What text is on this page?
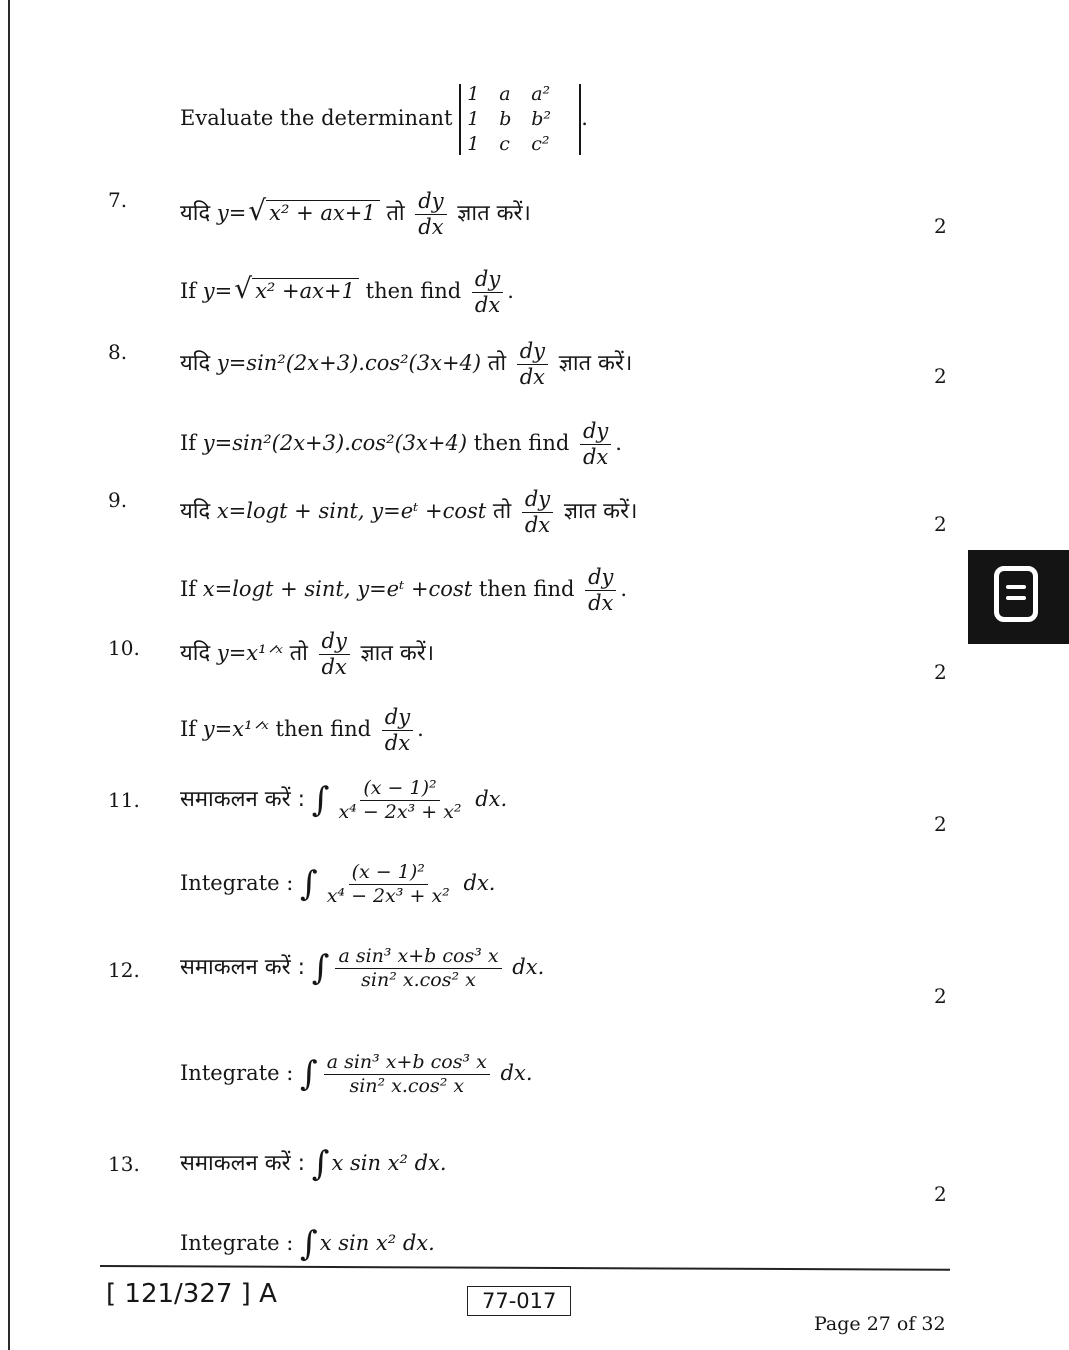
Evaluate the determinant
1	a	a²
1	b	b²
1	c	c²
.
7.
2
यदि y=√ x² + ax+1 तो $\frac{dy}{dx}$ ज्ञात करें।
If y=√ x² +ax+1 then find $\frac{dy}{dx}$ .
8.
2
यदि y=sin²(2x+3).cos²(3x+4) तो $\frac{dy}{dx}$ ज्ञात करें।
If y=sin²(2x+3).cos²(3x+4) then find $\frac{dy}{dx}$ .
9.
2
यदि x=logt + sint, y=eᵗ +cost तो $\frac{dy}{dx}$ ज्ञात करें।
If x=logt + sint, y=eᵗ +cost then find $\frac{dy}{dx}$ .
10.
2
यदि y=x¹ᐟˣ तो $\frac{dy}{dx}$ ज्ञात करें।
If y=x¹ᐟˣ then find $\frac{dy}{dx}$ .
11.
2
समाकलन करें : ∫ $\frac{\text{(x − 1)²}}{\text{x⁴ − 2x³ + x²}}$ dx.
Integrate : ∫ $\frac{\text{(x − 1)²}}{\text{x⁴ − 2x³ + x²}}$ dx.
12.
2
समाकलन करें : ∫ $\frac{\text{a sin³ x+b cos³ x}}{\text{sin² x.cos² x}}$ dx.
Integrate : ∫ $\frac{\text{a sin³ x+b cos³ x}}{\text{sin² x.cos² x}}$ dx.
13.
2
समाकलन करें : ∫x sin x² dx.
Integrate : ∫x sin x² dx.
[ 121/327 ] A	77-017
Page 27 of 32
